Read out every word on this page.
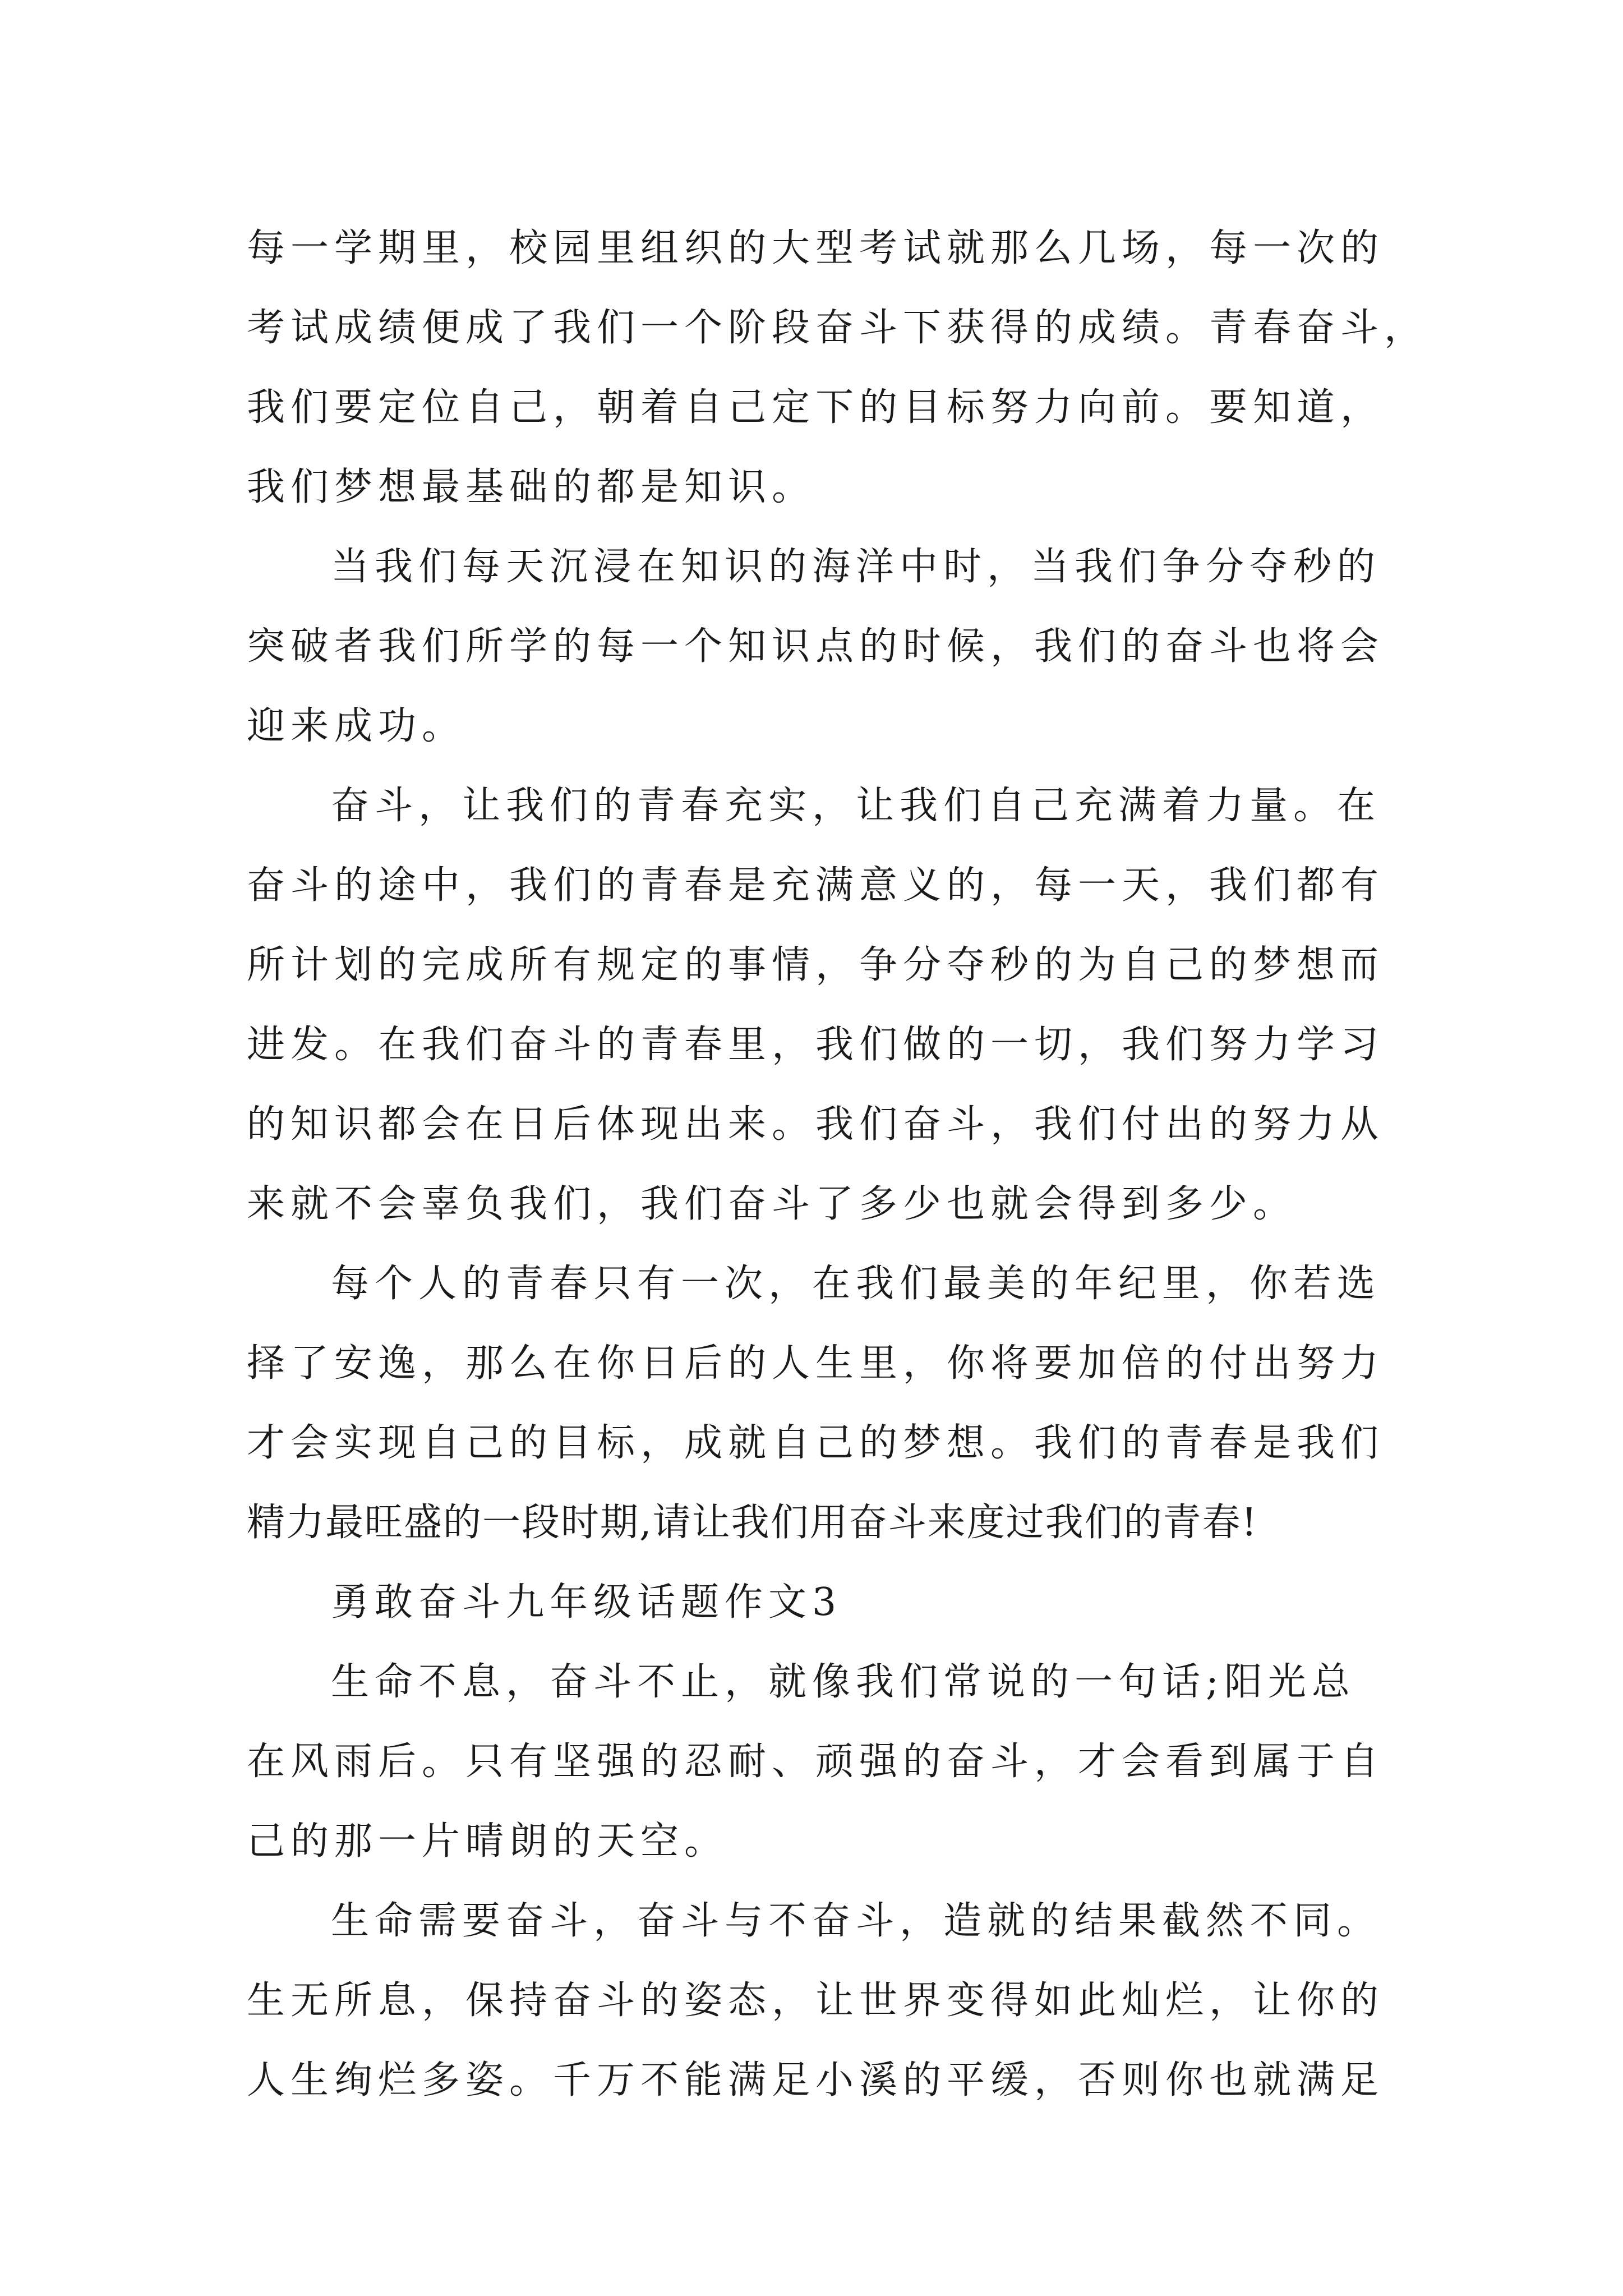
每一学期里，校园里组织的大型考试就那么几场，每一次的
考试成绩便成了我们一个阶段奋斗下获得的成绩。青春奋斗，
我们要定位自己，朝着自己定下的目标努力向前。要知道，
我们梦想最基础的都是知识。
当我们每天沉浸在知识的海洋中时，当我们争分夺秒的
突破者我们所学的每一个知识点的时候，我们的奋斗也将会
迎来成功。
奋斗，让我们的青春充实，让我们自己充满着力量。在
奋斗的途中，我们的青春是充满意义的，每一天，我们都有
所计划的完成所有规定的事情，争分夺秒的为自己的梦想而
进发。在我们奋斗的青春里，我们做的一切，我们努力学习
的知识都会在日后体现出来。我们奋斗，我们付出的努力从
来就不会辜负我们，我们奋斗了多少也就会得到多少。
每个人的青春只有一次，在我们最美的年纪里，你若选
择了安逸，那么在你日后的人生里，你将要加倍的付出努力
才会实现自己的目标，成就自己的梦想。我们的青春是我们
精力最旺盛的一段时期,请让我们用奋斗来度过我们的青春!
勇敢奋斗九年级话题作文3
生命不息，奋斗不止，就像我们常说的一句话;阳光总
在风雨后。只有坚强的忍耐、顽强的奋斗，才会看到属于自
己的那一片晴朗的天空。
生命需要奋斗，奋斗与不奋斗，造就的结果截然不同。
生无所息，保持奋斗的姿态，让世界变得如此灿烂，让你的
人生绚烂多姿。千万不能满足小溪的平缓，否则你也就满足
